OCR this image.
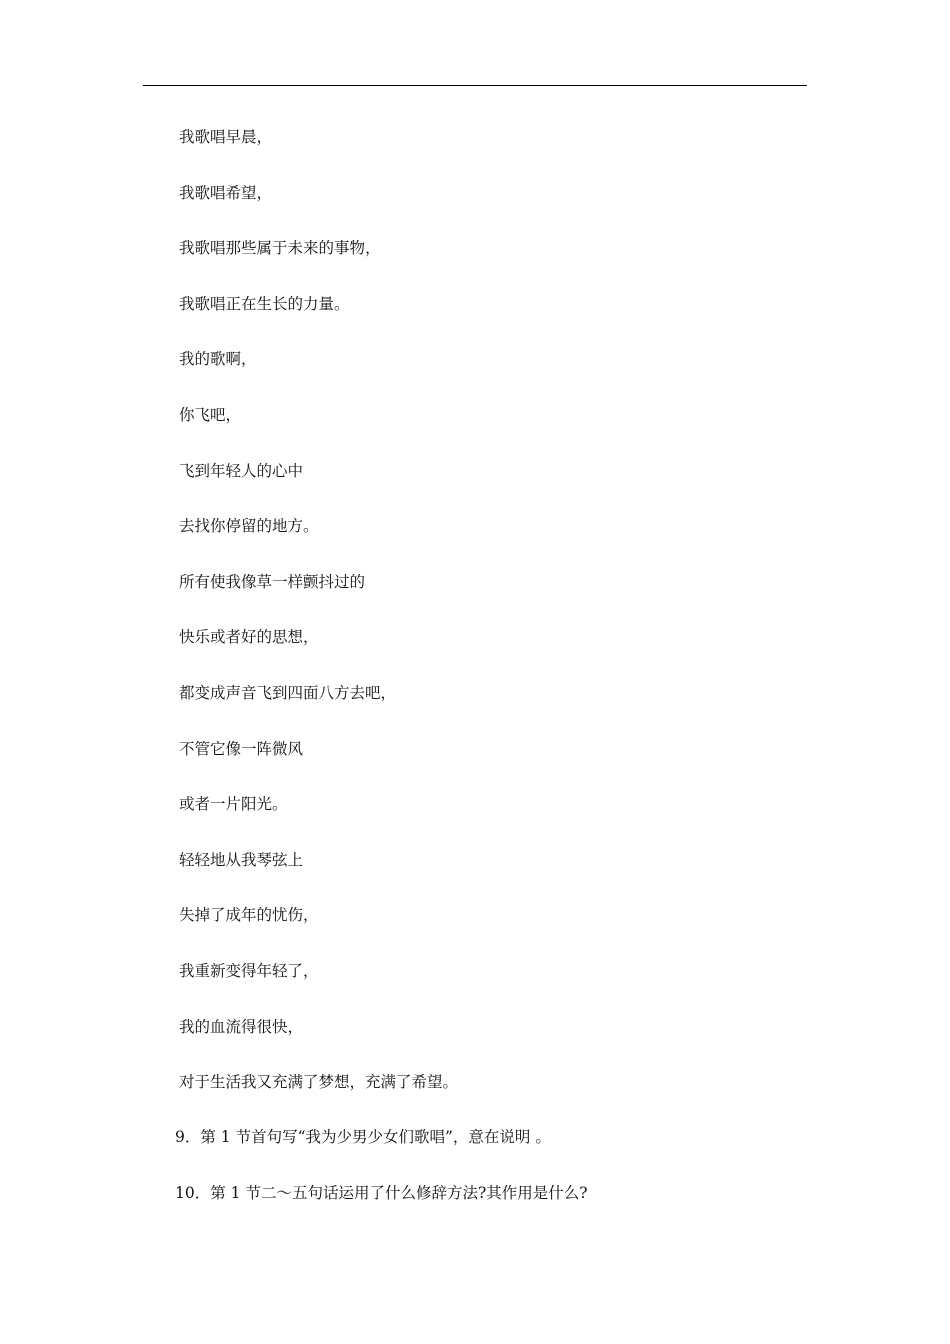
我歌唱早晨，
我歌唱希望，
我歌唱那些属于未来的事物，
我歌唱正在生长的力量。
我的歌啊，
你飞吧，
飞到年轻人的心中
去找你停留的地方。
所有使我像草一样颤抖过的
快乐或者好的思想，
都变成声音飞到四面八方去吧，
不管它像一阵微风
或者一片阳光。
轻轻地从我琴弦上
失掉了成年的忧伤，
我重新变得年轻了，
我的血流得很快，
对于生活我又充满了梦想，充满了希望。
9．第 1 节首句写“我为少男少女们歌唱”，意在说明 。
10．第 1 节二～五句话运用了什么修辞方法?其作用是什么?
